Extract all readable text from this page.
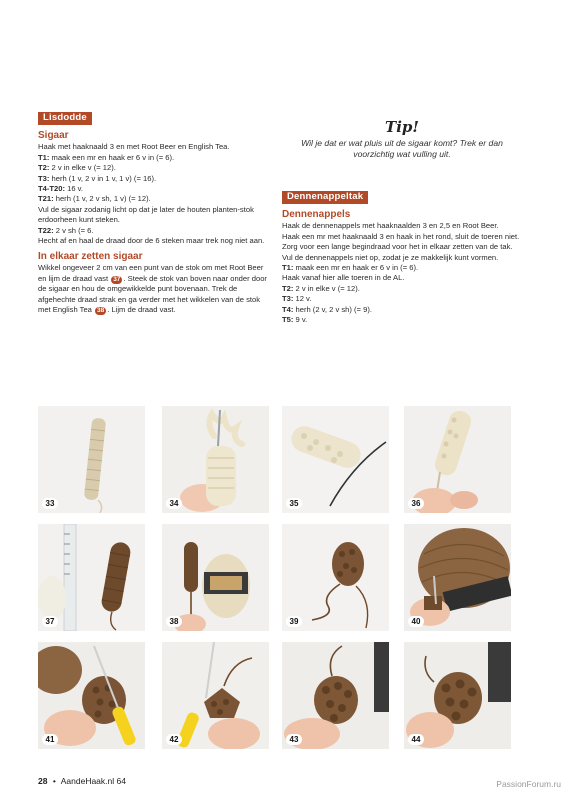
Lisdodde

Sigaar

Haak met haaknaald 3 en met Root Beer en English Tea.

T1: maak een mr en haak er 6 v in (= 6).

T2: 2 v in elke v (= 12).

T3: herh (1 v, 2 v in 1 v, 1 v) (= 16).

T4-T20: 16 v.

T21: herh (1 v, 2 v sh, 1 v) (= 12).

Vul de sigaar zodanig licht op dat je later de houten planten-stok erdoorheen kunt steken.

T22: 2 v sh (= 6.

Hecht af en haal de draad door de 6 steken maar trek nog niet aan.

In elkaar zetten sigaar

Wikkel ongeveer 2 cm van een punt van de stok om met Root Beer en lijm de draad vast 37 . Steek de stok van boven naar onder door de sigaar en hou de omgewikkelde punt bovenaan. Trek de afgehechte draad strak en ga verder met het wikkelen van de stok met English Tea 38 . Lijm de draad vast.

Tip!
Wil je dat er wat pluis uit de sigaar komt? Trek er dan voorzichtig wat vulling uit.
Dennenappeltak

Dennenappels

Haak de dennenappels met haaknaalden 3 en 2,5 en Root Beer.

Haak een mr met haaknaald 3 en haak in het rond, sluit de toeren niet. Zorg voor een lange begindraad voor het in elkaar zetten van de tak. Vul de dennenappels niet op, zodat je ze makkelijk kunt vormen.

T1: maak een mr en haak er 6 v in (= 6).

Haak vanaf hier alle toeren in de AL.

T2: 2 v in elke v (= 12).

T3: 12 v.

T4: herh (2 v, 2 v sh) (= 9).

T5: 9 v.

33	34	35	36
37	38	39	40
41	42	43	44
28 • AandeHaak.nl 64	PassionForum.ru
